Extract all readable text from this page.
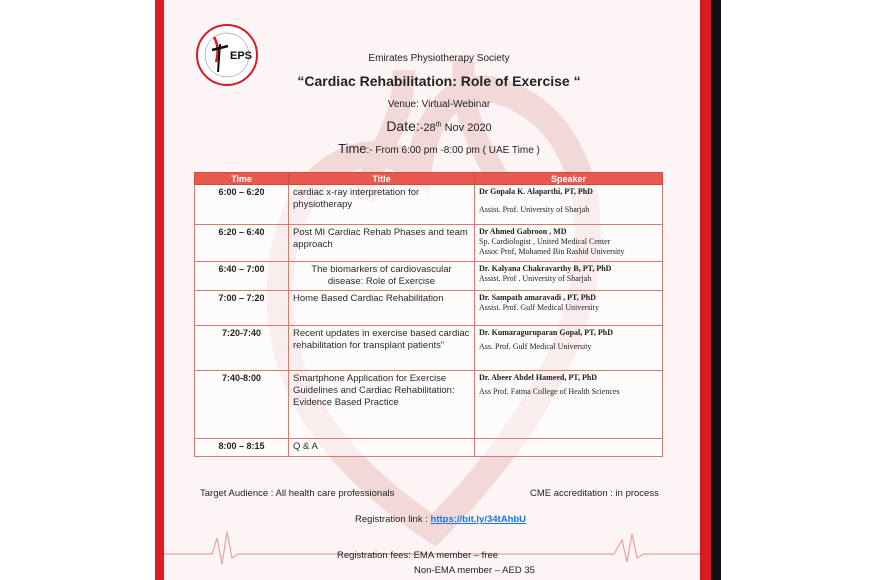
EPS	Emirates Physiotherapy Society
“Cardiac Rehabilitation: Role of Exercise “
Venue: Virtual-Webinar
Date:-28th Nov 2020
Time:- From 6:00 pm -8:00 pm ( UAE Time )
Time	Title	Speaker
6:00 – 6:20	cardiac x-ray interpretation for physiotherapy	Dr Gopala K. Alaparthi, PT, PhD
Assist. Prof. University of Sharjah

6:20 – 6:40	Post MI Cardiac Rehab Phases and team approach	Dr Ahmed Gabroon , MD
Sp. Cardiologist , United Medical Center
Assoc Prof, Mohamed Bin Rashid University

6:40 – 7:00	The biomarkers of cardiovascular disease: Role of Exercise	Dr. Kalyana Chakravarthy B, PT, PhD
Assist. Prof . University of Sharjah

7:00 – 7:20	Home Based Cardiac Rehabilitation	Dr. Sampath amaravadi , PT, PhD
Assist. Prof. Gulf Medical University

7:20-7:40	Recent updates in exercise based cardiac rehabilitation for transplant patients”	Dr. Kumaraguruparan Gopal, PT, PhD
Ass. Prof. Gulf Medical University

7:40-8:00	Smartphone Application for Exercise Guidelines and Cardiac Rehabilitation: Evidence Based Practice	Dr. Abeer Abdel Hameed, PT, PhD
Ass Prof. Fatma College of Health Sciences

8:00 – 8:15	Q & A	
Target Audience : All health care professionals	CME accreditation : in process
Registration link : https://bit.ly/34tAhbU
Registration fees: EMA member – free
Non-EMA member – AED 35
